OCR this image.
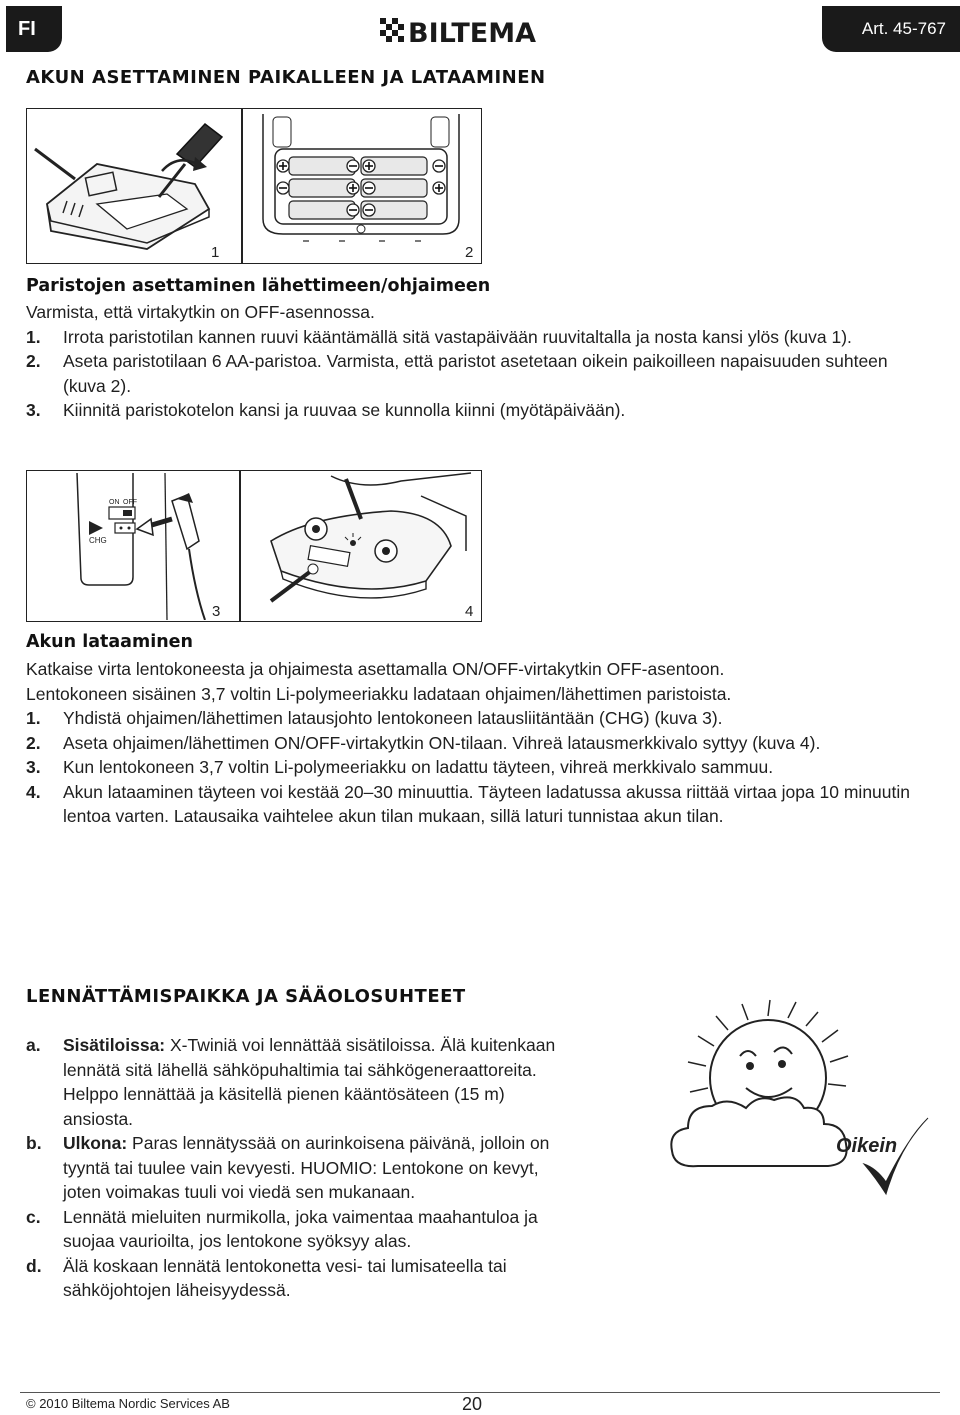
FI	BILTEMA	Art. 45-767
AKUN ASETTAMINEN PAIKALLEEN JA LATAAMINEN
1	2
Paristojen asettaminen lähettimeen/ohjaimeen
Varmista, että virtakytkin on OFF-asennossa.
1. Irrota paristotilan kannen ruuvi kääntämällä sitä vastapäivään ruuvitaltalla ja nosta kansi ylös (kuva 1).
2. Aseta paristotilaan 6 AA-paristoa. Varmista, että paristot asetetaan oikein paikoilleen napaisuuden suhteen (kuva 2).
3. Kiinnitä paristokotelon kansi ja ruuvaa se kunnolla kiinni (myötäpäivään).
ON OFF
CHG
3	4
Akun lataaminen
Katkaise virta lentokoneesta ja ohjaimesta asettamalla ON/OFF-virtakytkin OFF-asentoon.
Lentokoneen sisäinen 3,7 voltin Li-polymeeriakku ladataan ohjaimen/lähettimen paristoista.
1. Yhdistä ohjaimen/lähettimen latausjohto lentokoneen latausliitäntään (CHG) (kuva 3).
2. Aseta ohjaimen/lähettimen ON/OFF-virtakytkin ON-tilaan. Vihreä latausmerkkivalo syttyy (kuva 4).
3. Kun lentokoneen 3,7 voltin Li-polymeeriakku on ladattu täyteen, vihreä merkkivalo sammuu.
4. Akun lataaminen täyteen voi kestää 20–30 minuuttia. Täyteen ladatussa akussa riittää virtaa jopa 10 minuutin lentoa varten. Latausaika vaihtelee akun tilan mukaan, sillä laturi tunnistaa akun tilan.
LENNÄTTÄMISPAIKKA JA SÄÄOLOSUHTEET
a. Sisätiloissa: X-Twiniä voi lennättää sisätiloissa. Älä kuitenkaan lennätä sitä lähellä sähköpuhaltimia tai sähkögeneraattoreita. Helppo lennättää ja käsitellä pienen kääntösäteen (15 m) ansiosta.
b. Ulkona: Paras lennätyssää on aurinkoisena päivänä, jolloin on tyyntä tai tuulee vain kevyesti. HUOMIO: Lentokone on kevyt, joten voimakas tuuli voi viedä sen mukanaan.
c. Lennätä mieluiten nurmikolla, joka vaimentaa maahantuloa ja suojaa vaurioilta, jos lentokone syöksyy alas.
d. Älä koskaan lennätä lentokonetta vesi- tai lumisateella tai sähköjohtojen läheisyydessä.
Oikein
© 2010 Biltema Nordic Services AB	20
